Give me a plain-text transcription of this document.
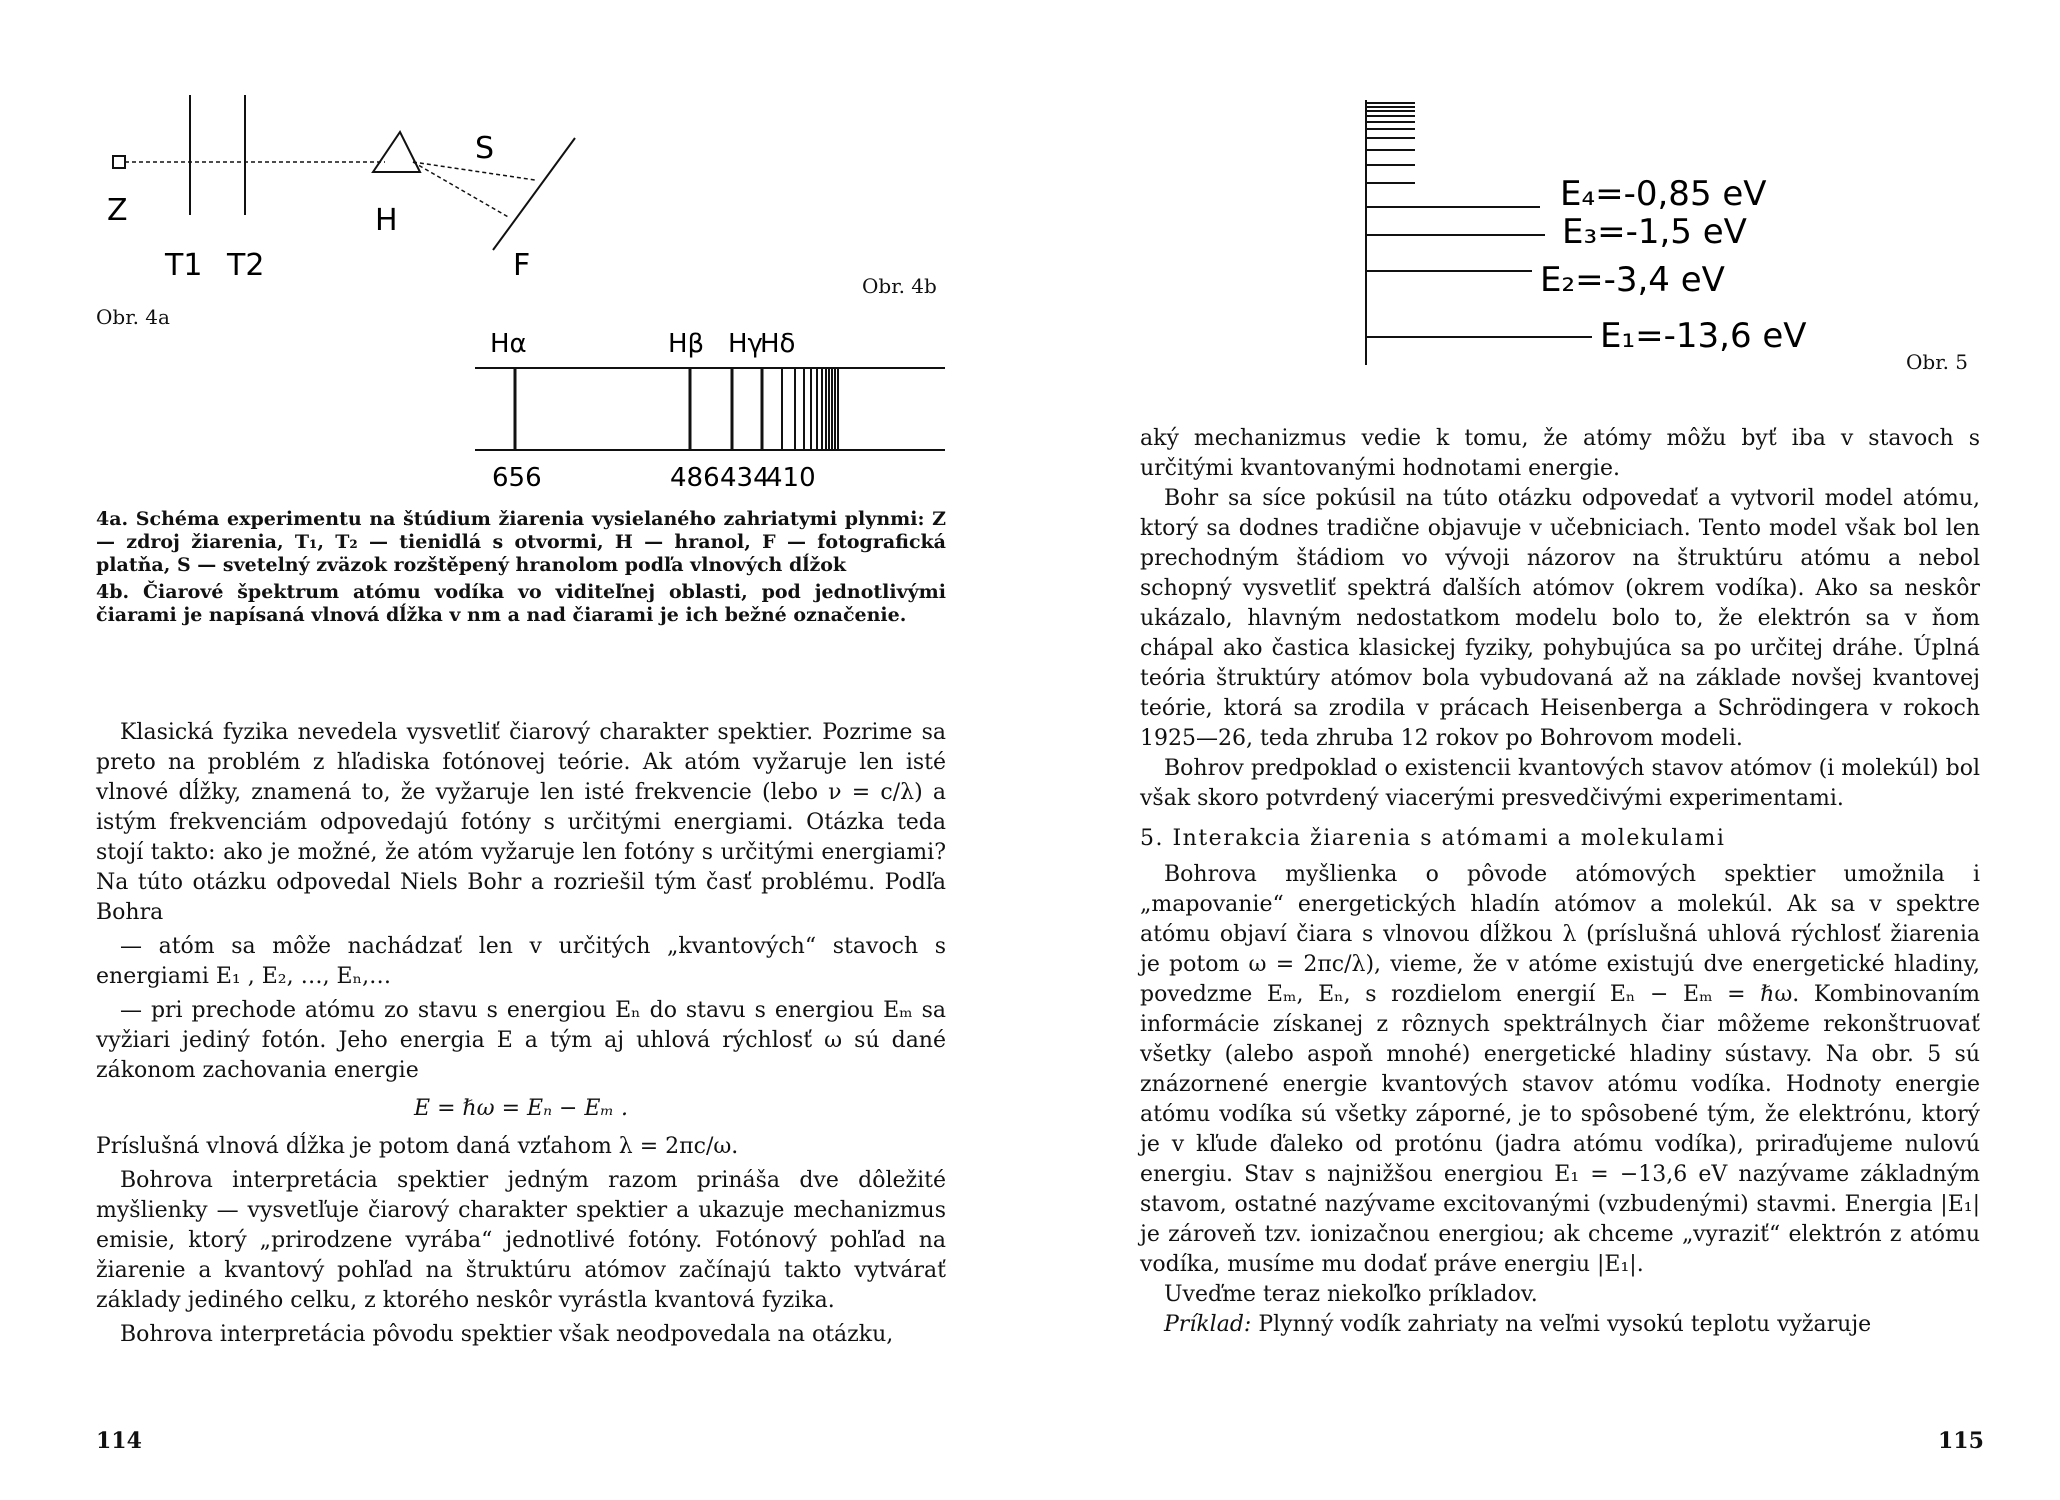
Z
T1 T2
H
S
F
Obr. 4a
Obr. 4b
Hα	Hβ Hγ
Hδ
656	486 434
410

4a. Schéma experimentu na štúdium žiarenia vysielaného zahriatymi plynmi: Z — zdroj žiarenia, T₁, T₂ — tienidlá s otvormi, H — hranol, F — fotografická platňa, S — svetelný zväzok rozštěpený hranolom podľa vlnových dĺžok

4b. Čiarové špektrum atómu vodíka vo viditeľnej oblasti, pod jednotlivými čiarami je napísaná vlnová dĺžka v nm a nad čiarami je ich bežné označenie.

Klasická fyzika nevedela vysvetliť čiarový charakter spektier. Pozrime sa preto na problém z hľadiska fotónovej teórie. Ak atóm vyžaruje len isté vlnové dĺžky, znamená to, že vyžaruje len isté frekvencie (lebo ν = c/λ) a istým frekvenciám odpovedajú fotóny s určitými energiami. Otázka teda stojí takto: ako je možné, že atóm vyžaruje len fotóny s určitými energiami? Na túto otázku odpovedal Niels Bohr a rozriešil tým časť problému. Podľa Bohra

— atóm sa môže nachádzať len v určitých „kvantových“ stavoch s energiami E₁ , E₂, …, Eₙ,…

— pri prechode atómu zo stavu s energiou Eₙ do stavu s energiou Eₘ sa vyžiari jediný fotón. Jeho energia E a tým aj uhlová rýchlosť ω sú dané zákonom zachovania energie

E = ℏω = Eₙ − Eₘ .

Príslušná vlnová dĺžka je potom daná vzťahom λ = 2πc/ω.

Bohrova interpretácia spektier jedným razom prináša dve dôležité myšlienky — vysvetľuje čiarový charakter spektier a ukazuje mechanizmus emisie, ktorý „prirodzene vyrába“ jednotlivé fotóny. Fotónový pohľad na žiarenie a kvantový pohľad na štruktúru atómov začínajú takto vytvárať základy jediného celku, z ktorého neskôr vyrástla kvantová fyzika.

Bohrova interpretácia pôvodu spektier však neodpovedala na otázku,

114
E₄=-0,85 eV
E₃=-1,5 eV
E₂=-3,4 eV
E₁=-13,6 eV
Obr. 5

aký mechanizmus vedie k tomu, že atómy môžu byť iba v stavoch s určitými kvantovanými hodnotami energie.

Bohr sa síce pokúsil na túto otázku odpovedať a vytvoril model atómu, ktorý sa dodnes tradične objavuje v učebniciach. Tento model však bol len prechodným štádiom vo vývoji názorov na štruktúru atómu a nebol schopný vysvetliť spektrá ďalších atómov (okrem vodíka). Ako sa neskôr ukázalo, hlavným nedostatkom modelu bolo to, že elektrón sa v ňom chápal ako častica klasickej fyziky, pohybujúca sa po určitej dráhe. Úplná teória štruktúry atómov bola vybudovaná až na základe novšej kvantovej teórie, ktorá sa zrodila v prácach Heisenberga a Schrödingera v rokoch 1925—26, teda zhruba 12 rokov po Bohrovom modeli.

Bohrov predpoklad o existencii kvantových stavov atómov (i molekúl) bol však skoro potvrdený viacerými presvedčivými experimentami.

5. Interakcia žiarenia s atómami a molekulami

Bohrova myšlienka o pôvode atómových spektier umožnila i „mapovanie“ energetických hladín atómov a molekúl. Ak sa v spektre atómu objaví čiara s vlnovou dĺžkou λ (príslušná uhlová rýchlosť žiarenia je potom ω = 2πc/λ), vieme, že v atóme existujú dve energetické hladiny, povedzme Eₘ, Eₙ, s rozdielom energií Eₙ − Eₘ = ℏω. Kombinovaním informácie získanej z rôznych spektrálnych čiar môžeme rekonštruovať všetky (alebo aspoň mnohé) energetické hladiny sústavy. Na obr. 5 sú znázornené energie kvantových stavov atómu vodíka. Hodnoty energie atómu vodíka sú všetky záporné, je to spôsobené tým, že elektrónu, ktorý je v kľude ďaleko od protónu (jadra atómu vodíka), priraďujeme nulovú energiu. Stav s najnižšou energiou E₁ = −13,6 eV nazývame základným stavom, ostatné nazývame excitovanými (vzbudenými) stavmi. Energia |E₁| je zároveň tzv. ionizačnou energiou; ak chceme „vyraziť“ elektrón z atómu vodíka, musíme mu dodať práve energiu |E₁|.

Uveďme teraz niekoľko príkladov.

Príklad: Plynný vodík zahriaty na veľmi vysokú teplotu vyžaruje

115
